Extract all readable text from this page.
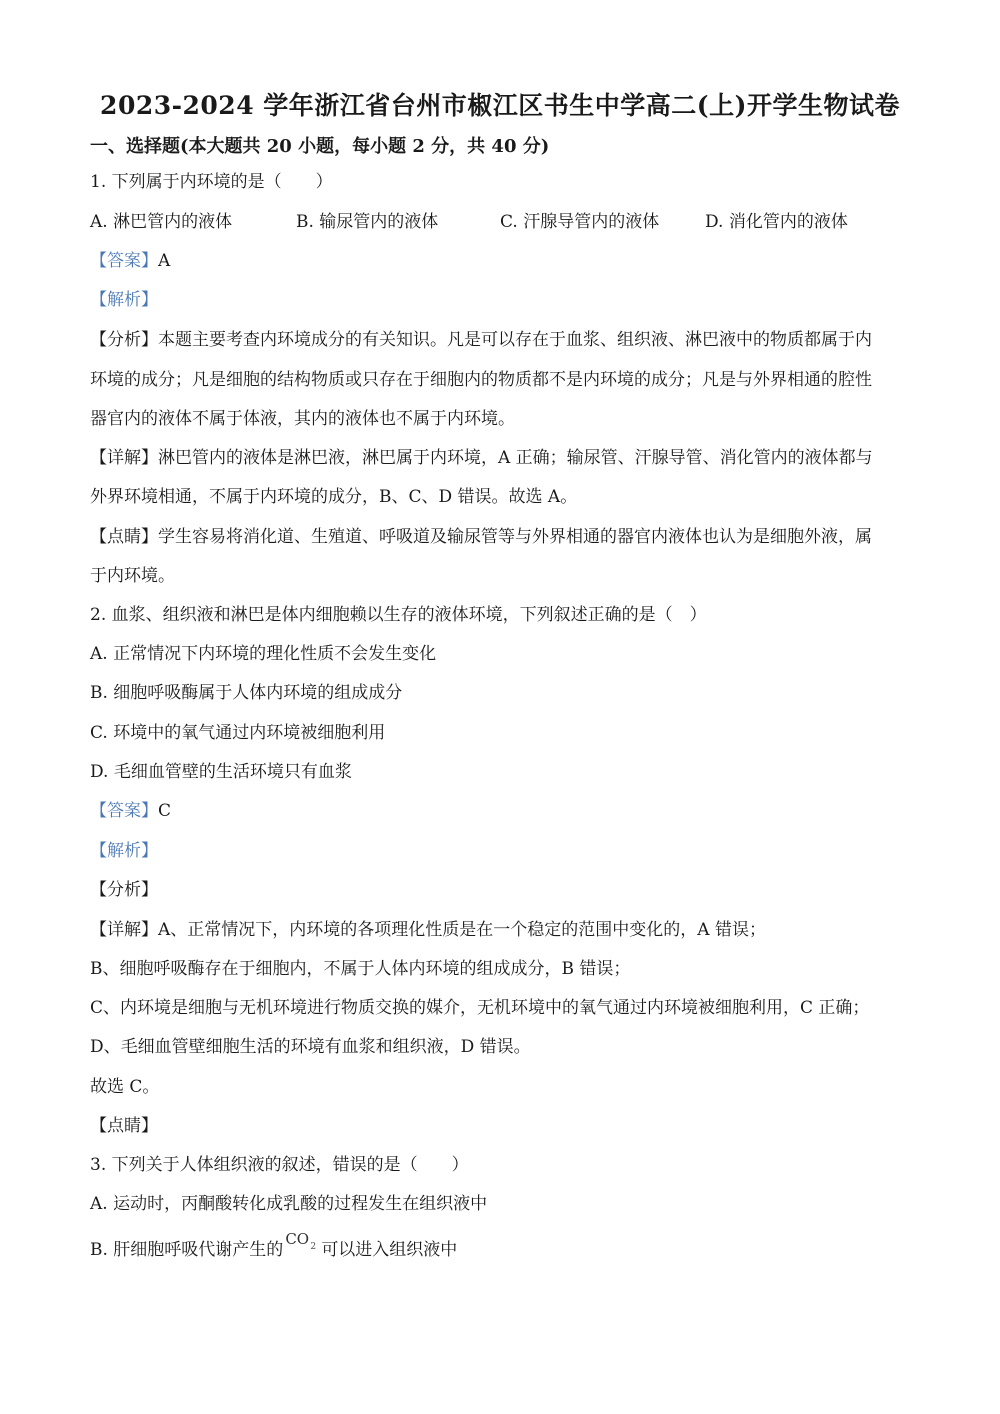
2023-2024 学年浙江省台州市椒江区书生中学高二(上)开学生物试卷
一、选择题(本大题共 20 小题，每小题 2 分，共 40 分)
1. 下列属于内环境的是（　　）
A. 淋巴管内的液体	B. 输尿管内的液体	C. 汗腺导管内的液体	D. 消化管内的液体
【答案】A
【解析】
【分析】本题主要考查内环境成分的有关知识。凡是可以存在于血浆、组织液、淋巴液中的物质都属于内
环境的成分；凡是细胞的结构物质或只存在于细胞内的物质都不是内环境的成分；凡是与外界相通的腔性
器官内的液体不属于体液，其内的液体也不属于内环境。
【详解】淋巴管内的液体是淋巴液，淋巴属于内环境，A 正确；输尿管、汗腺导管、消化管内的液体都与
外界环境相通，不属于内环境的成分，B、C、D 错误。故选 A。
【点睛】学生容易将消化道、生殖道、呼吸道及输尿管等与外界相通的器官内液体也认为是细胞外液，属
于内环境。
2. 血浆、组织液和淋巴是体内细胞赖以生存的液体环境，下列叙述正确的是（　）
A. 正常情况下内环境的理化性质不会发生变化
B. 细胞呼吸酶属于人体内环境的组成成分
C. 环境中的氧气通过内环境被细胞利用
D. 毛细血管壁的生活环境只有血浆
【答案】C
【解析】
【分析】
【详解】A、正常情况下，内环境的各项理化性质是在一个稳定的范围中变化的，A 错误；
B、细胞呼吸酶存在于细胞内，不属于人体内环境的组成成分，B 错误；
C、内环境是细胞与无机环境进行物质交换的媒介，无机环境中的氧气通过内环境被细胞利用，C 正确；
D、毛细血管壁细胞生活的环境有血浆和组织液，D 错误。
故选 C。
【点睛】
3. 下列关于人体组织液的叙述，错误的是（　　）
A. 运动时，丙酮酸转化成乳酸的过程发生在组织液中
B. 肝细胞呼吸代谢产生的
CO 2 可以进入组织液中
